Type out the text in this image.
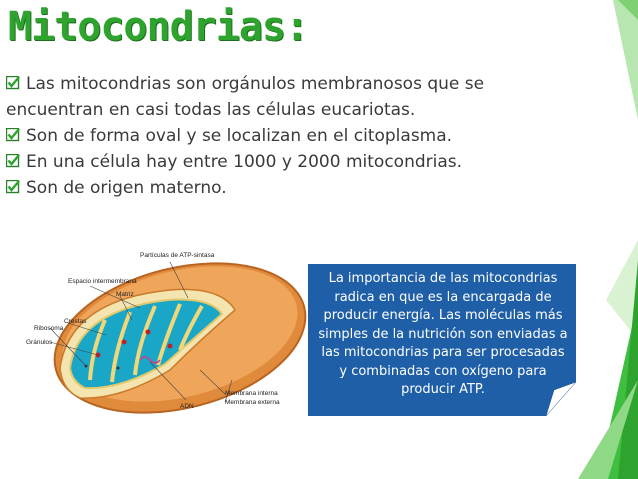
Mitocondrias:

Las mitocondrias son orgánulos membranosos que se encuentran en casi todas las células eucariotas.

Son de forma oval y se localizan en el citoplasma.

En una célula hay entre 1000 y 2000 mitocondrias.

Son de origen materno.

Partículas de ATP-sintasa
Espacio intermembrana
Matriz
Crestas
Ribosoma
Gránulos
ADN
Membrana interna
Membrana externa
La importancia de las mitocondrias radica en que es la encargada de producir energía. Las moléculas más simples de la nutrición son enviadas a las mitocondrias para ser procesadas y combinadas con oxígeno para producir ATP.
